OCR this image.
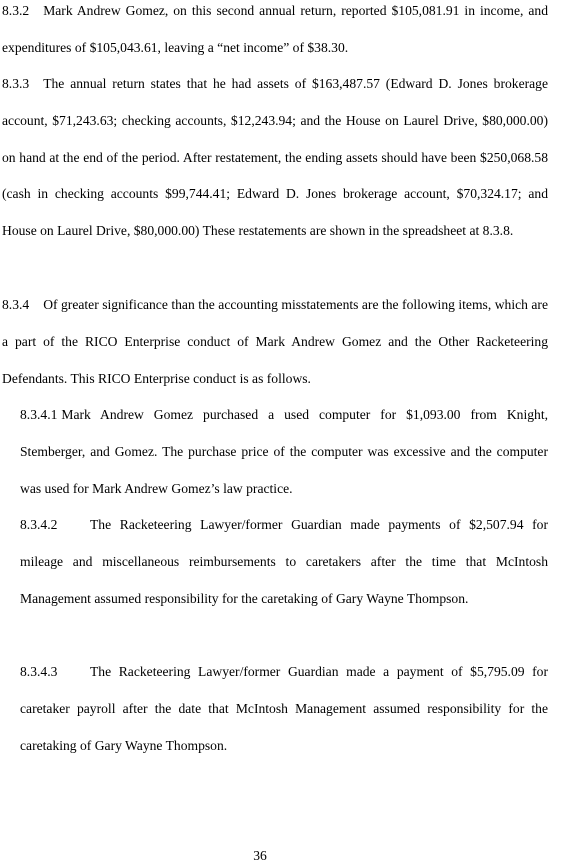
8.3.2 Mark Andrew Gomez, on this second annual return, reported $105,081.91 in income, and expenditures of $105,043.61, leaving a “net income” of $38.30.

8.3.3 The annual return states that he had assets of $163,487.57 (Edward D. Jones brokerage account, $71,243.63; checking accounts, $12,243.94; and the House on Laurel Drive, $80,000.00) on hand at the end of the period. After restatement, the ending assets should have been $250,068.58 (cash in checking accounts $99,744.41; Edward D. Jones brokerage account, $70,324.17; and House on Laurel Drive, $80,000.00) These restatements are shown in the spreadsheet at 8.3.8.

8.3.4 Of greater significance than the accounting misstatements are the following items, which are a part of the RICO Enterprise conduct of Mark Andrew Gomez and the Other Racketeering Defendants. This RICO Enterprise conduct is as follows.

8.3.4.1 Mark Andrew Gomez purchased a used computer for $1,093.00 from Knight, Stemberger, and Gomez. The purchase price of the computer was excessive and the computer was used for Mark Andrew Gomez’s law practice.

8.3.4.2 The Racketeering Lawyer/former Guardian made payments of $2,507.94 for mileage and miscellaneous reimbursements to caretakers after the time that McIntosh Management assumed responsibility for the caretaking of Gary Wayne Thompson.

8.3.4.3 The Racketeering Lawyer/former Guardian made a payment of $5,795.09 for caretaker payroll after the date that McIntosh Management assumed responsibility for the caretaking of Gary Wayne Thompson.

36
